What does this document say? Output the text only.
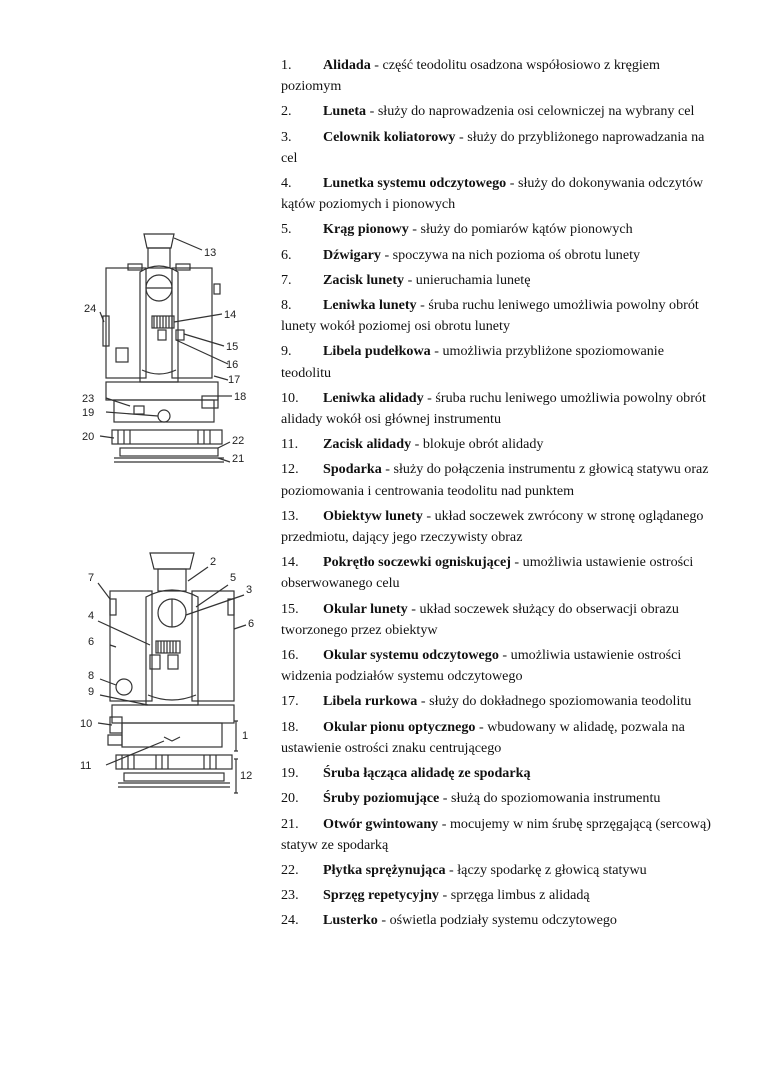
13
24	14
15
16
17
23	18
19
20	22
21
2
7	5
3
4
6
6
8
9
10
1
11
12
1. Alidada - część teodolitu osadzona współosiowo z kręgiem poziomym
2. Luneta - służy do naprowadzenia osi celowniczej na wybrany cel
3. Celownik koliatorowy - służy do przybliżonego naprowadzania na cel
4. Lunetka systemu odczytowego - służy do dokonywania odczytów kątów poziomych i pionowych
5. Krąg pionowy - służy do pomiarów kątów pionowych
6. Dźwigary - spoczywa na nich pozioma oś obrotu lunety
7. Zacisk lunety - unieruchamia lunetę
8. Leniwka lunety - śruba ruchu leniwego umożliwia powolny obrót lunety wokół poziomej osi obrotu lunety
9. Libela pudełkowa - umożliwia przybliżone spoziomowanie teodolitu
10. Leniwka alidady - śruba ruchu leniwego umożliwia powolny obrót alidady wokół osi głównej instrumentu
11. Zacisk alidady - blokuje obrót alidady
12. Spodarka - służy do połączenia instrumentu z głowicą statywu oraz poziomowania i centrowania teodolitu nad punktem
13. Obiektyw lunety - układ soczewek zwrócony w stronę oglądanego przedmiotu, dający jego rzeczywisty obraz
14. Pokrętło soczewki ogniskującej - umożliwia ustawienie ostrości obserwowanego celu
15. Okular lunety - układ soczewek służący do obserwacji obrazu tworzonego przez obiektyw
16. Okular systemu odczytowego - umożliwia ustawienie ostrości widzenia podziałów systemu odczytowego
17. Libela rurkowa - służy do dokładnego spoziomowania teodolitu
18. Okular pionu optycznego - wbudowany w alidadę, pozwala na ustawienie ostrości znaku centrującego
19. Śruba łącząca alidadę ze spodarką
20. Śruby poziomujące - służą do spoziomowania instrumentu
21. Otwór gwintowany - mocujemy w nim śrubę sprzęgającą (sercową) statyw ze spodarką
22. Płytka sprężynująca - łączy spodarkę z głowicą statywu
23. Sprzęg repetycyjny - sprzęga limbus z alidadą
24. Lusterko - oświetla podziały systemu odczytowego
